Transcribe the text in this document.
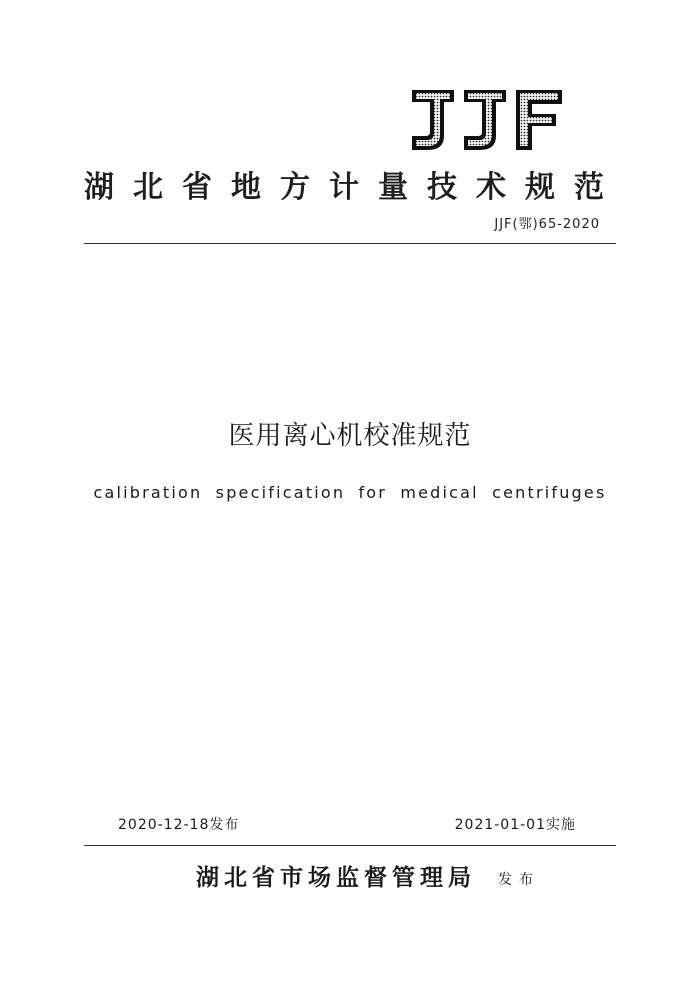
湖北省地方计量技术规范
JJF(鄂)65-2020
医用离心机校准规范
calibration specification for medical centrifuges
2020-12-18发布	2021-01-01实施
湖北省市场监督管理局 发布
